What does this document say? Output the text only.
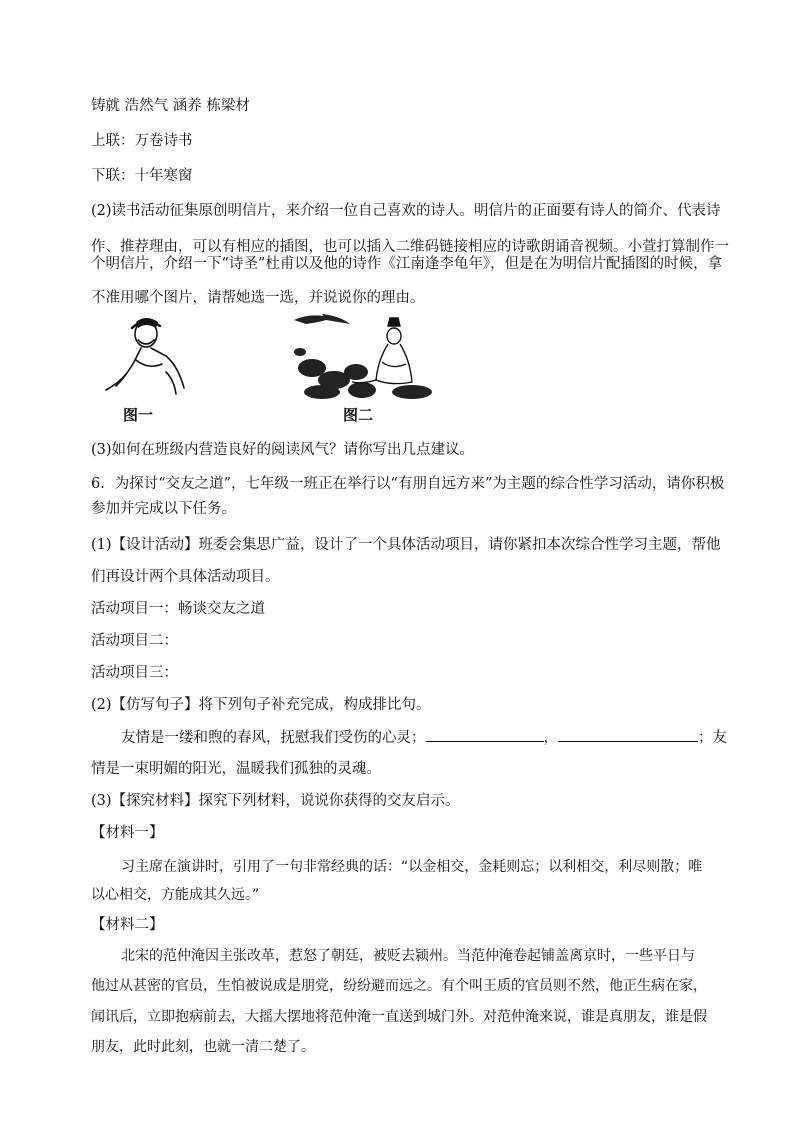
铸就 浩然气 涵养 栋梁材
上联：万卷诗书
下联：十年寒窗
(2)读书活动征集原创明信片，来介绍一位自己喜欢的诗人。明信片的正面要有诗人的简介、代表诗
作、推荐理由，可以有相应的插图，也可以插入二维码链接相应的诗歌朗诵音视频。小萱打算制作一
个明信片，介绍一下“诗圣”杜甫以及他的诗作《江南逢李龟年》，但是在为明信片配插图的时候，拿
不准用哪个图片，请帮她选一选，并说说你的理由。
图一	图二
(3)如何在班级内营造良好的阅读风气？请你写出几点建议。
6．为探讨“交友之道”，七年级一班正在举行以“有朋自远方来”为主题的综合性学习活动，请你积极
参加并完成以下任务。
(1)【设计活动】班委会集思广益，设计了一个具体活动项目，请你紧扣本次综合性学习主题，帮他
们再设计两个具体活动项目。
活动项目一：畅谈交友之道
活动项目二：
活动项目三：
(2)【仿写句子】将下列句子补充完成，构成排比句。
友情是一缕和煦的春风，抚慰我们受伤的心灵；	，	；友
情是一束明媚的阳光，温暖我们孤独的灵魂。
(3)【探究材料】探究下列材料，说说你获得的交友启示。
【材料一】
习主席在演讲时，引用了一句非常经典的话：“以金相交，金耗则忘；以利相交，利尽则散；唯
以心相交，方能成其久远。”
【材料二】
北宋的范仲淹因主张改革，惹怒了朝廷，被贬去颍州。当范仲淹卷起铺盖离京时，一些平日与
他过从甚密的官员，生怕被说成是朋党，纷纷避而远之。有个叫王质的官员则不然，他正生病在家，
闻讯后，立即抱病前去，大摇大摆地将范仲淹一直送到城门外。对范仲淹来说，谁是真朋友，谁是假
朋友，此时此刻，也就一清二楚了。
